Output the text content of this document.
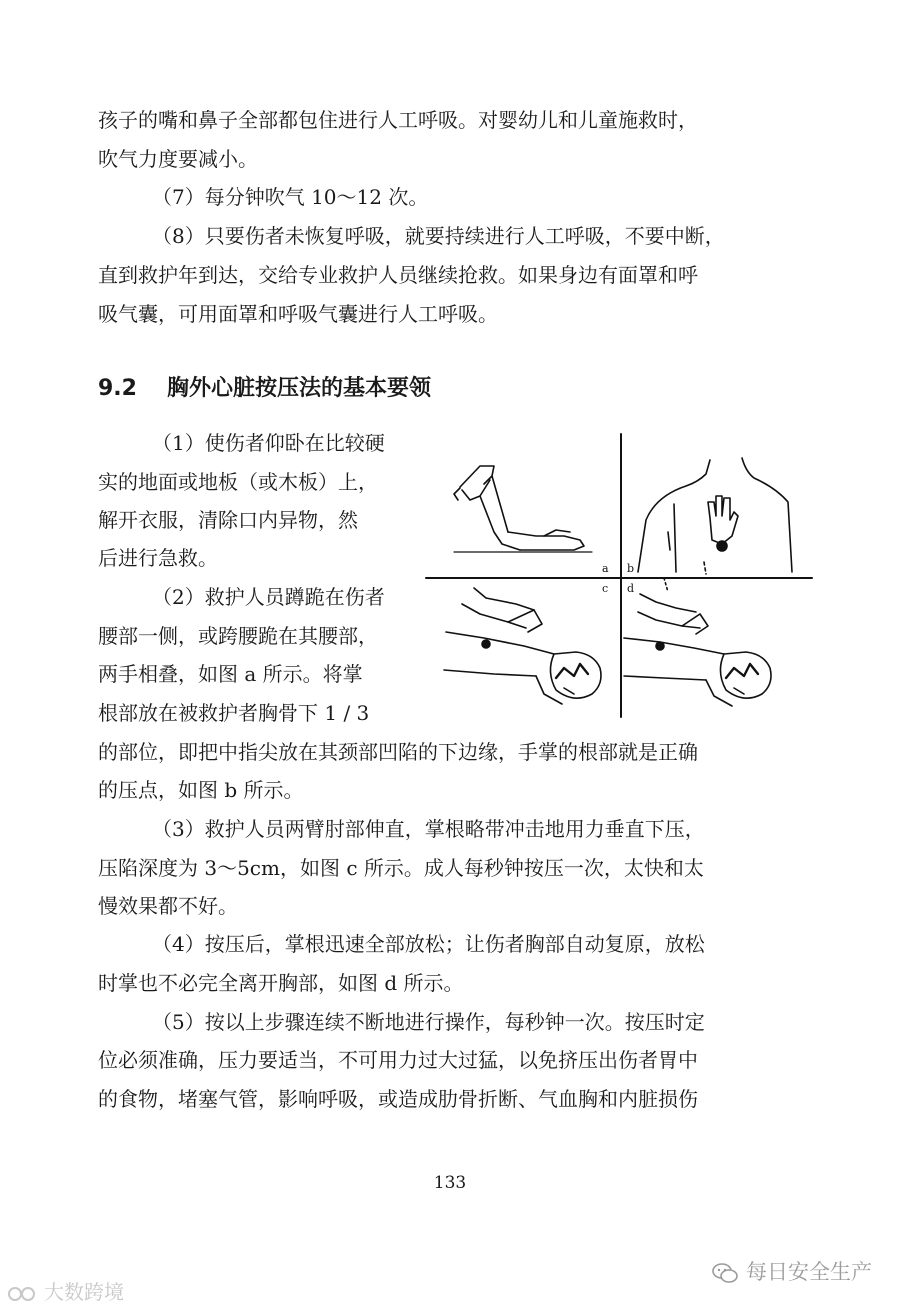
孩子的嘴和鼻子全部都包住进行人工呼吸。对婴幼儿和儿童施救时，
吹气力度要减小。
（7）每分钟吹气 10～12 次。
（8）只要伤者未恢复呼吸，就要持续进行人工呼吸，不要中断，
直到救护年到达，交给专业救护人员继续抢救。如果身边有面罩和呼
吸气囊，可用面罩和呼吸气囊进行人工呼吸。
9.2 胸外心脏按压法的基本要领
（1）使伤者仰卧在比较硬
实的地面或地板（或木板）上，
解开衣服，清除口内异物，然
后进行急救。
（2）救护人员蹲跪在伤者
腰部一侧，或跨腰跪在其腰部，
两手相叠，如图 a 所示。将掌
根部放在被救护者胸骨下 1 / 3
的部位，即把中指尖放在其颈部凹陷的下边缘，手掌的根部就是正确
的压点，如图 b 所示。
（3）救护人员两臂肘部伸直，掌根略带冲击地用力垂直下压，
压陷深度为 3～5cm，如图 c 所示。成人每秒钟按压一次，太快和太
慢效果都不好。
（4）按压后，掌根迅速全部放松；让伤者胸部自动复原，放松
时掌也不必完全离开胸部，如图 d 所示。
（5）按以上步骤连续不断地进行操作，每秒钟一次。按压时定
位必须准确，压力要适当，不可用力过大过猛，以免挤压出伤者胃中
的食物，堵塞气管，影响呼吸，或造成肋骨折断、气血胸和内脏损伤
a b
c d
133
每日安全生产
大数跨境
